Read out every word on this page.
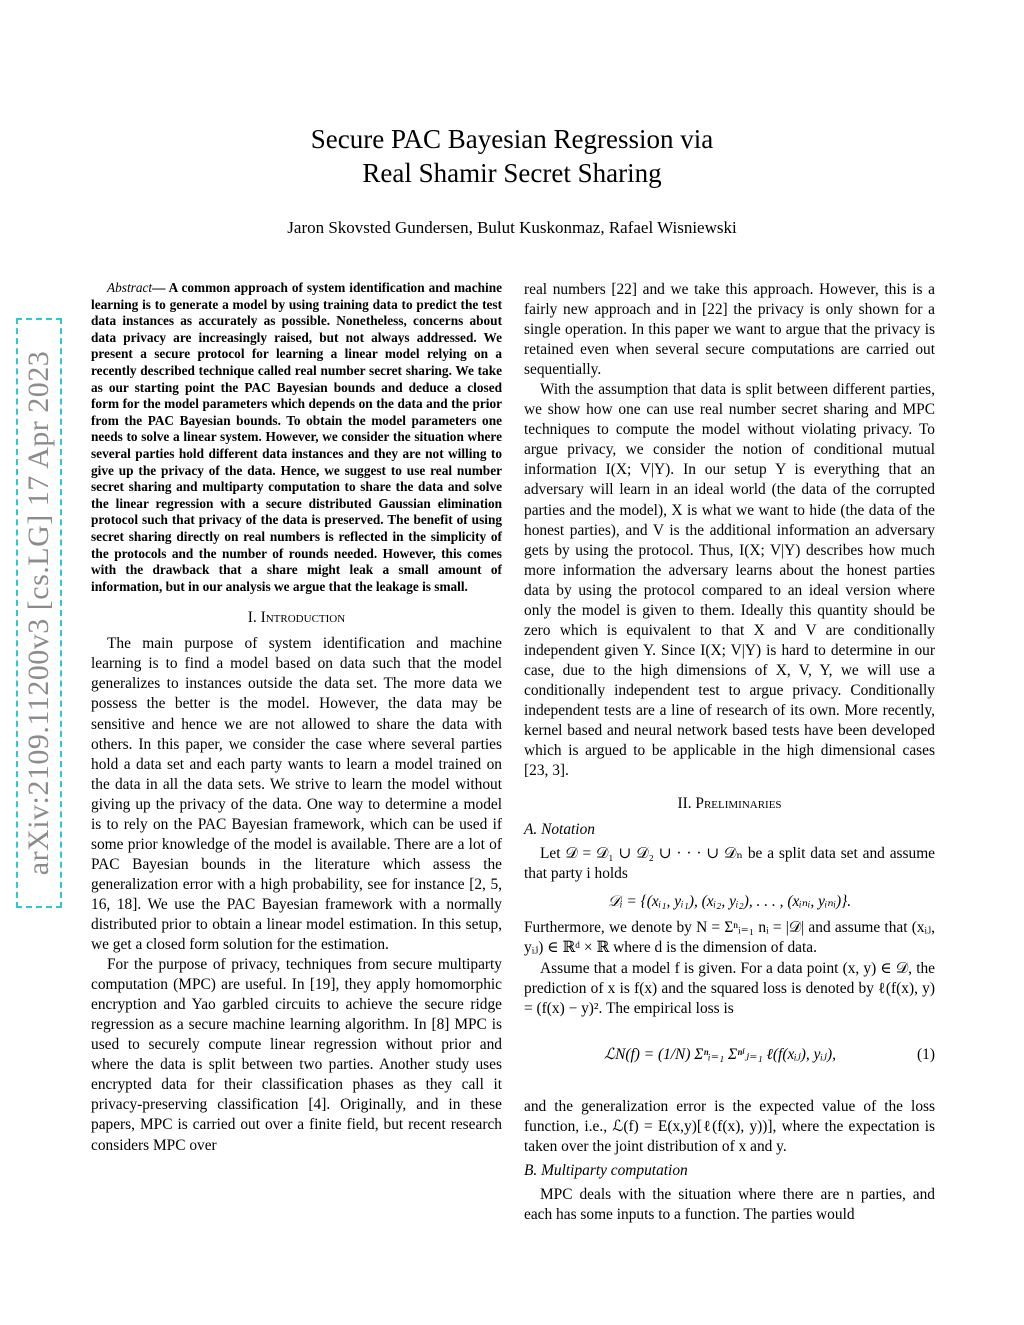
arXiv:2109.11200v3 [cs.LG] 17 Apr 2023
Secure PAC Bayesian Regression via
Real Shamir Secret Sharing
Jaron Skovsted Gundersen, Bulut Kuskonmaz, Rafael Wisniewski

Abstract— A common approach of system identification and machine learning is to generate a model by using training data to predict the test data instances as accurately as possible. Nonetheless, concerns about data privacy are increasingly raised, but not always addressed. We present a secure protocol for learning a linear model relying on a recently described technique called real number secret sharing. We take as our starting point the PAC Bayesian bounds and deduce a closed form for the model parameters which depends on the data and the prior from the PAC Bayesian bounds. To obtain the model parameters one needs to solve a linear system. However, we consider the situation where several parties hold different data instances and they are not willing to give up the privacy of the data. Hence, we suggest to use real number secret sharing and multiparty computation to share the data and solve the linear regression with a secure distributed Gaussian elimination protocol such that privacy of the data is preserved. The benefit of using secret sharing directly on real numbers is reflected in the simplicity of the protocols and the number of rounds needed. However, this comes with the drawback that a share might leak a small amount of information, but in our analysis we argue that the leakage is small.

I. Introduction

The main purpose of system identification and machine learning is to find a model based on data such that the model generalizes to instances outside the data set. The more data we possess the better is the model. However, the data may be sensitive and hence we are not allowed to share the data with others. In this paper, we consider the case where several parties hold a data set and each party wants to learn a model trained on the data in all the data sets. We strive to learn the model without giving up the privacy of the data. One way to determine a model is to rely on the PAC Bayesian framework, which can be used if some prior knowledge of the model is available. There are a lot of PAC Bayesian bounds in the literature which assess the generalization error with a high probability, see for instance [2, 5, 16, 18]. We use the PAC Bayesian framework with a normally distributed prior to obtain a linear model estimation. In this setup, we get a closed form solution for the estimation.

For the purpose of privacy, techniques from secure multiparty computation (MPC) are useful. In [19], they apply homomorphic encryption and Yao garbled circuits to achieve the secure ridge regression as a secure machine learning algorithm. In [8] MPC is used to securely compute linear regression without prior and where the data is split between two parties. Another study uses encrypted data for their classification phases as they call it privacy-preserving classification [4]. Originally, and in these papers, MPC is carried out over a finite field, but recent research considers MPC over

real numbers [22] and we take this approach. However, this is a fairly new approach and in [22] the privacy is only shown for a single operation. In this paper we want to argue that the privacy is retained even when several secure computations are carried out sequentially.

With the assumption that data is split between different parties, we show how one can use real number secret sharing and MPC techniques to compute the model without violating privacy. To argue privacy, we consider the notion of conditional mutual information I(X; V|Y). In our setup Y is everything that an adversary will learn in an ideal world (the data of the corrupted parties and the model), X is what we want to hide (the data of the honest parties), and V is the additional information an adversary gets by using the protocol. Thus, I(X; V|Y) describes how much more information the adversary learns about the honest parties data by using the protocol compared to an ideal version where only the model is given to them. Ideally this quantity should be zero which is equivalent to that X and V are conditionally independent given Y. Since I(X; V|Y) is hard to determine in our case, due to the high dimensions of X, V, Y, we will use a conditionally independent test to argue privacy. Conditionally independent tests are a line of research of its own. More recently, kernel based and neural network based tests have been developed which is argued to be applicable in the high dimensional cases [23, 3].

II. Preliminaries
A. Notation

Let 𝒟 = 𝒟₁ ∪ 𝒟₂ ∪ · · · ∪ 𝒟ₙ be a split data set and assume that party i holds

𝒟ᵢ = {(xᵢ₁, yᵢ₁), (xᵢ₂, yᵢ₂), . . . , (xᵢₙᵢ, yᵢₙᵢ)}.

Furthermore, we denote by N = Σⁿᵢ₌₁ nᵢ = |𝒟| and assume that (xᵢⱼ, yᵢⱼ) ∈ ℝᵈ × ℝ where d is the dimension of data.

Assume that a model f is given. For a data point (x, y) ∈ 𝒟, the prediction of x is f(x) and the squared loss is denoted by ℓ(f(x), y) = (f(x) − y)². The empirical loss is

ℒN(f) = (1/N) Σⁿᵢ₌₁ Σⁿⁱⱼ₌₁ ℓ(f(xᵢⱼ), yᵢⱼ),	(1)

and the generalization error is the expected value of the loss function, i.e., ℒ(f) = E(x,y)[ℓ(f(x), y))], where the expectation is taken over the joint distribution of x and y.

B. Multiparty computation

MPC deals with the situation where there are n parties, and each has some inputs to a function. The parties would
